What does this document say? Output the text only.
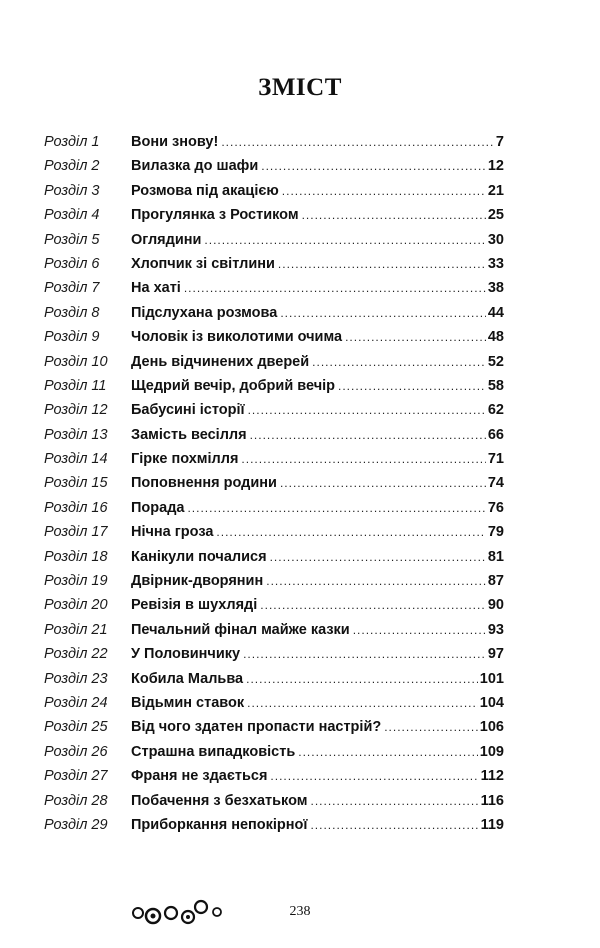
ЗМІСТ
Розділ 1	Вони знову! .....	7
Розділ 2	Вилазка до шафи .....	12
Розділ 3	Розмова під акацією .....	21
Розділ 4	Прогулянка з Ростиком .....	25
Розділ 5	Оглядини .....	30
Розділ 6	Хлопчик зі світлини .....	33
Розділ 7	На хаті .....	38
Розділ 8	Підслухана розмова .....	44
Розділ 9	Чоловік із виколотими очима .....	48
Розділ 10	День відчинених дверей .....	52
Розділ 11	Щедрий вечір, добрий вечір .....	58
Розділ 12	Бабусині історії .....	62
Розділ 13	Замість весілля .....	66
Розділ 14	Гірке похмілля .....	71
Розділ 15	Поповнення родини .....	74
Розділ 16	Порада .....	76
Розділ 17	Нічна гроза .....	79
Розділ 18	Канікули почалися .....	81
Розділ 19	Двірник-дворянин .....	87
Розділ 20	Ревізія в шухляді .....	90
Розділ 21	Печальний фінал майже казки .....	93
Розділ 22	У Половинчику .....	97
Розділ 23	Кобила Мальва .....	101
Розділ 24	Відьмин ставок .....	104
Розділ 25	Від чого здатен пропасти настрій? .....	106
Розділ 26	Страшна випадковість .....	109
Розділ 27	Франя не здається .....	112
Розділ 28	Побачення з безхатьком .....	116
Розділ 29	Приборкання непокірної .....	119
238
